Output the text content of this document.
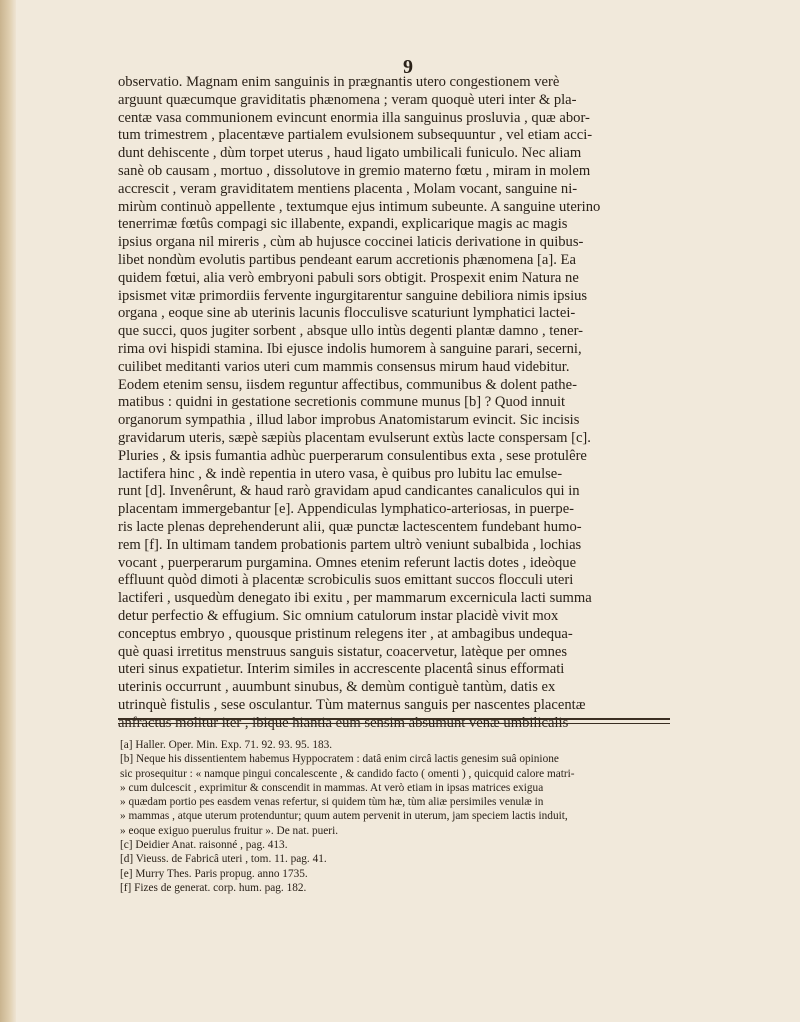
9
observatio. Magnam enim sanguinis in prægnantis utero congestionem verè
arguunt quæcumque graviditatis phænomena ; veram quoquè uteri inter & pla-
centæ vasa communionem evincunt enormia illa sanguinus prosluvia , quæ abor-
tum trimestrem , placentæve partialem evulsionem subsequuntur , vel etiam acci-
dunt dehiscente , dùm torpet uterus , haud ligato umbilicali funiculo. Nec aliam
sanè ob causam , mortuo , dissolutove in gremio materno fœtu , miram in molem
accrescit , veram graviditatem mentiens placenta , Molam vocant, sanguine ni-
mirùm continuò appellente , textumque ejus intimum subeunte. A sanguine uterino
tenerrimæ fœtûs compagi sic illabente, expandi, explicarique magis ac magis
ipsius organa nil mireris , cùm ab hujusce coccinei laticis derivatione in quibus-
libet nondùm evolutis partibus pendeant earum accretionis phænomena [a]. Ea
quidem fœtui, alia verò embryoni pabuli sors obtigit. Prospexit enim Natura ne
ipsismet vitæ primordiis fervente ingurgitarentur sanguine debiliora nimis ipsius
organa , eoque sine ab uterinis lacunis flocculisve scaturiunt lymphatici lactei-
que succi, quos jugiter sorbent , absque ullo intùs degenti plantæ damno , tener-
rima ovi hispidi stamina. Ibi ejusce indolis humorem à sanguine parari, secerni,
cuilibet meditanti varios uteri cum mammis consensus mirum haud videbitur.
Eodem etenim sensu, iisdem reguntur affectibus, communibus & dolent pathe-
matibus : quidni in gestatione secretionis commune munus [b] ? Quod innuit
organorum sympathia , illud labor improbus Anatomistarum evincit. Sic incisis
gravidarum uteris, sæpè sæpiùs placentam evulserunt extùs lacte conspersam [c].
Pluries , & ipsis fumantia adhùc puerperarum consulentibus exta , sese protulêre
lactifera hinc , & indè repentia in utero vasa, è quibus pro lubitu lac emulse-
runt [d]. Invenêrunt, & haud rarò gravidam apud candicantes canaliculos qui in
placentam immergebantur [e]. Appendiculas lymphatico-arteriosas, in puerpe-
ris lacte plenas deprehenderunt alii, quæ punctæ lactescentem fundebant humo-
rem [f]. In ultimam tandem probationis partem ultrò veniunt subalbida , lochias
vocant , puerperarum purgamina. Omnes etenim referunt lactis dotes , ideòque
effluunt quòd dimoti à placentæ scrobiculis suos emittant succos flocculi uteri
lactiferi , usquedùm denegato ibi exitu , per mammarum excernicula lacti summa
detur perfectio & effugium. Sic omnium catulorum instar placidè vivit mox
conceptus embryo , quousque pristinum relegens iter , at ambagibus undequa-
què quasi irretitus menstruus sanguis sistatur, coacervetur, latèque per omnes
uteri sinus expatietur. Interim similes in accrescente placentâ sinus efformati
uterinis occurrunt , auumbunt sinubus, & demùm contiguè tantùm, datis ex
utrinquè fistulis , sese osculantur. Tùm maternus sanguis per nascentes placentæ
anfractus molitur iter , ibique hiantia eum sensim absumunt venæ umbilicalis
[a] Haller. Oper. Min. Exp. 71. 92. 93. 95. 183.
[b] Neque his dissentientem habemus Hyppocratem : datâ enim circâ lactis genesim suâ opinione
sic prosequitur : « namque pingui concalescente , & candido facto ( omenti ) , quicquid calore matri-
» cum dulcescit , exprimitur & conscendit in mammas. At verò etiam in ipsas matrices exigua
» quædam portio pes easdem venas refertur, si quidem tùm hæ, tùm aliæ persimiles venulæ in
» mammas , atque uterum protenduntur; quum autem pervenit in uterum, jam speciem lactis induit,
» eoque exiguo puerulus fruitur ». De nat. pueri.
[c] Deidier Anat. raisonné , pag. 413.
[d] Vieuss. de Fabricâ uteri , tom. 11. pag. 41.
[e] Murry Thes. Paris propug. anno 1735.
[f] Fizes de generat. corp. hum. pag. 182.
